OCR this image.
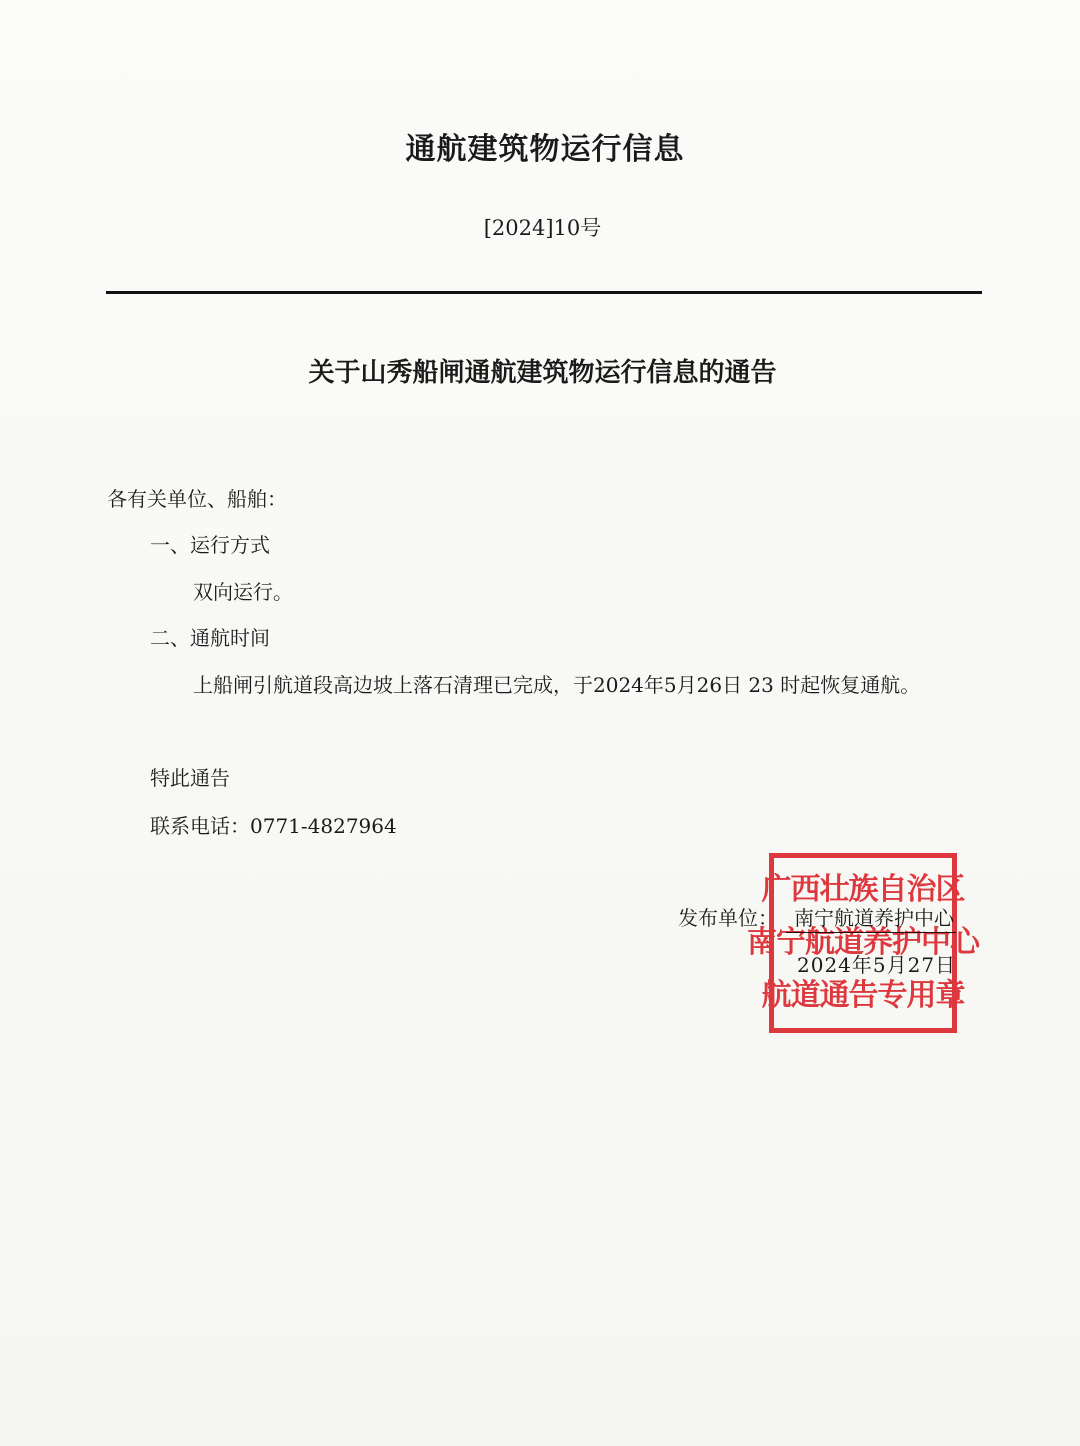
通航建筑物运行信息
[2024]10号
关于山秀船闸通航建筑物运行信息的通告
各有关单位、船舶：
一、运行方式
双向运行。
二、通航时间
上船闸引航道段高边坡上落石清理已完成，于2024年5月26日 23 时起恢复通航。
特此通告
联系电话：0771-4827964
发布单位： 南宁航道养护中心
2024年5月27日
广西壮族自治区
南宁航道养护中心
航道通告专用章
